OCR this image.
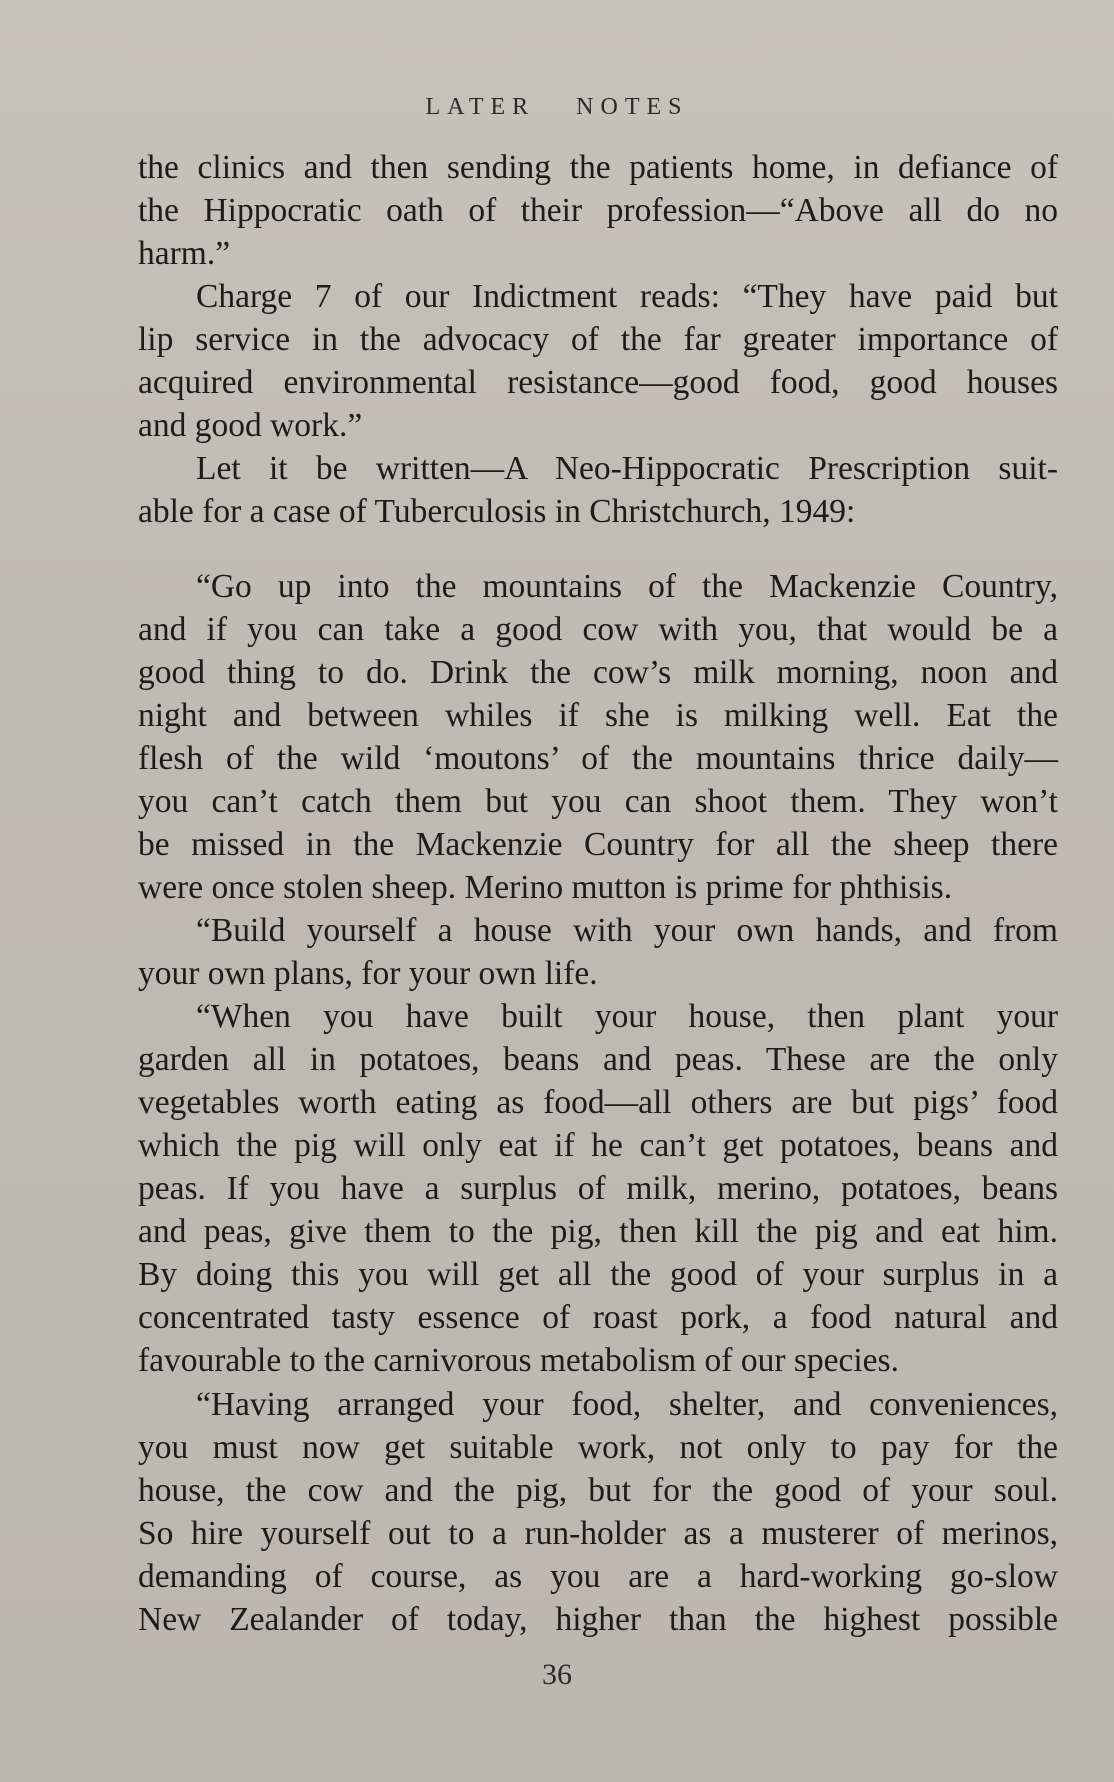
LATER NOTES
the clinics and then sending the patients home, in defiance of
the Hippocratic oath of their profession—“Above all do no
harm.”
Charge 7 of our Indictment reads: “They have paid but
lip service in the advocacy of the far greater importance of
acquired environmental resistance—good food, good houses
and good work.”
Let it be written—A Neo-Hippocratic Prescription suit-
able for a case of Tuberculosis in Christchurch, 1949:
“Go up into the mountains of the Mackenzie Country,
and if you can take a good cow with you, that would be a
good thing to do. Drink the cow’s milk morning, noon and
night and between whiles if she is milking well. Eat the
flesh of the wild ‘moutons’ of the mountains thrice daily—
you can’t catch them but you can shoot them. They won’t
be missed in the Mackenzie Country for all the sheep there
were once stolen sheep. Merino mutton is prime for phthisis.
“Build yourself a house with your own hands, and from
your own plans, for your own life.
“When you have built your house, then plant your
garden all in potatoes, beans and peas. These are the only
vegetables worth eating as food—all others are but pigs’ food
which the pig will only eat if he can’t get potatoes, beans and
peas. If you have a surplus of milk, merino, potatoes, beans
and peas, give them to the pig, then kill the pig and eat him.
By doing this you will get all the good of your surplus in a
concentrated tasty essence of roast pork, a food natural and
favourable to the carnivorous metabolism of our species.
“Having arranged your food, shelter, and conveniences,
you must now get suitable work, not only to pay for the
house, the cow and the pig, but for the good of your soul.
So hire yourself out to a run-holder as a musterer of merinos,
demanding of course, as you are a hard-working go-slow
New Zealander of today, higher than the highest possible
36
